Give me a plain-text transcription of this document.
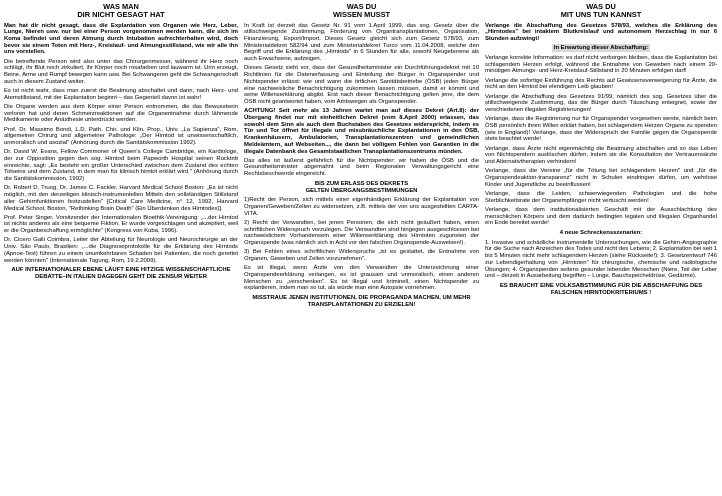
WAS MAN
DIR NICHT GESAGT HAT

Man hat dir nicht gesagt, dass die Explantation von Organen wie Herz, Leber, Lunge, Nieren usw. nur bei einer Person vorgenommen werden kann, die sich im Koma befindet und deren Atmung durch Intubation aufrechterhalten wird, doch bevor sie einem Toten mit Herz-, Kreislauf- und Atmungsstillstand, wie wir alle ihn uns vorstellen.

Die betreffende Person wird also unter das Chirurgenmesser, während ihr Herz noch schlägt, ihr Blut noch zirkuliert, ihr Körper noch rosafarben und lauwarm ist. Urin erzeugt, Beine, Arme und Rumpf bewegen kann usw. Bei Schwangeren geht die Schwangerschaft auch in diesem Zustand weiter.

Es ist nicht wahr, dass man zuerst die Beatmung abschaltet und dann, nach Herz- und Atemstillstand, mit der Explantation beginnt – das Gegenteil davon ist wahr!

Die Organe werden aus dem Körper einer Person entnommen, die das Bewusstsein verloren hat und deren Schmerzreaktionen auf die Organentnahme durch lähmende Medikamente oder Anästhesie unterdrückt werden.

Prof. Dr. Massimo Bondi, L.D. Path. Chir. und Klin. Prop., Univ. „La Sapienza", Rom, allgemeiner Chirurg und allgemeiner Pathologe: „Der Hirntod ist unwissenschaftlich, unmoralisch und asozial" (Anhörung durch die Sanitätskommission 1992).

Dr. David W. Evans, Fellow Commoner of Queen's College Cambridge, ein Kardiologe, der zur Opposition gegen den sog. Hirntod beim Papworth Hospital seinen Rücktritt einreichte, sagt: „Es besteht ein großer Unterschied zwischen dem Zustand des echten Totseins und dem Zustand, in dem man für klinisch hirntot erklärt wird." (Anhörung durch die Sanitätskommission, 1992)

Dr. Robert D. Truog, Dr. James C. Fackler, Harvard Medical School Boston: „Es ist nicht möglich, mit den derzeitigen klinisch-instrumentellen Mitteln den vollständigen Stillstand aller Gehirnfunktionen festzustellen" [Critical Care Medicine, n° 12, 1992, Harvard Medical School, Boston, "Rethinking Brain Death" (Ein Überdenken des Hirntodes)].

Prof. Peter Singer, Vorsitzender der Internationalen Bioethik-Vereinigung: „...der Hirntod ist nichts anderes als eine bequeme Fiktion. Er wurde vorgeschlagen und akzeptiert, weil er die Organbeschaffung ermöglichte" (Kongress von Kuba, 1996).

Dr. Cicero Galli Coimbra, Leiter der Abteilung für Neurologie und Neurochirurgie an der Univ. São Paulo, Brasilien: „...die Diagnoseprotokolle für die Erklärung des Hirntods (Apnoe-Test) führen zu einem unumkehrbaren Schaden bei Patienten, die noch gerettet werden könnten" (Internationale Tagung, Rom, 19.2.2009).

AUF INTERNATIONALER EBENE LÄUFT EINE HITZIGE WISSENSCHAFTLICHE DEBATTE–IN ITALIEN DAGEGEN GEHT DIE ZENSUR WEITER
WAS DU
WISSEN MUSST

In Kraft ist derzeit das Gesetz Nr. 91 vom 1.April 1999, das sog. Gesetz über die stillschweigende Zustimmung, Förderung von Organtransplantationen, Organisation, Finanzierung, Export/Import. Dieses Gesetz gleicht sich zum Gesetz 578/93, zum Ministerialdekret 582/94 und zum Ministerialdekret Turco vom 11.04.2008, welche den Begriff und die Erklärung des „Hirntods" in 6 Stunden für alle, sowohl Neugeborene als auch Erwachsene, aufzeigen.

Dieses Gesetz sieht vor, dass der Gesundheitsminister ein Durchführungsdekret mit 10 Richtlinien für die Datenerfassung und Einteilung der Bürger in Organspender und Nichtspender erlässt: wie und wann die örtlichen Sanitätsbetriebe (ÖSB) jeden Bürger eine nachweisliche Benachrichtigung zukommen lassen müssen, damit er kommt und seine Willenserklärung abgibt. Erst nach dieser Benachrichtigung gelten jene, die dem ÖSB nicht geantwortet haben, vom Amtswegen als Organspender.

ACHTUNG! Seit mehr als 13 Jahren wartet man auf dieses Dekret (Art.8): der Übergang findet nur mit einheitlichen Dekret (vom 8.April 2000) erlassen, das sowohl dem Sinn als auch dem Buchstaben des Gesetzes widerspricht, indem es Tür und Tor öffnet für illegale und missbräuchliche Explantationen in den ÖSB, Krankenhäusern, Ambulatorien, Transplantationszentren und gemeindlichen Meldeämtern, auf Webseiten..., die dann bei völligem Fehlen von Garantien in die illegale Datenbank des Gesamtstaatlichen Transplantationszentrums münden.

Das alles ist äußerst gefährlich für die Nichtspender: wir haben die ÖSB und die Gesundheitsminister abgemahnt und beim Regionalen Verwaltungsgericht eine Rechtsbeschwerde eingereicht.

BIS ZUM ERLASS DES DEKRETS
GELTEN ÜBERGANGSBESTIMMUNGEN
1)Recht der Person, sich mittels einer eigenhändigen Erklärung der Explantation von Organen/Geweben/Zellen zu widersetzen, z.B. mittels der von uns ausgestellten CARTA-VITA.
2) Recht der Verwandten, bei jenen Personen, die sich nicht geäußert haben, einen schriftlichen Widerspruch vorzulegen. Die Verwandten sind hingegen ausgeschlossen bei nachweislichem Vorhandensein einer Willenserklärung des Hirntoten zugunsten der Organspende (was nämlich sich in Acht vor den falschen Organspende-Ausweisen!).
3) Bei Fehlen eines schriftlichen Widerspruchs „ist es gestattet, die Entnahme von Organen, Geweben und Zellen vorzunehmen".

Es ist illegal, wenn Ärzte von den Verwandten die Unterzeichnung einer Organspendeerklärung verlangen, es ist grausam und unmoralisch, einen anderen Menschen zu „verschenken". Es ist illegal und kriminell, einen Nichtspender zu explantieren, indem man so tut, als würde man eine Autopsie vornehmen.

MISSTRAUE JENEN INSTITUTIONEN, DIE PROPAGANDA MACHEN, UM MEHR TRANSPLANTATIONEN ZU ERZIELEN!
WAS DU
MIT UNS TUN KANNST

Verlange die Abschaffung des Gesetzes 578/93, welches die Erklärung des „Hirntodes" bei intaktem Blutkreislauf und autonomem Herzschlag in nur 6 Stunden aufzwingt!

In Erwartung dieser Abschaffung:

Verlange korrekte Information: es darf nicht verborgen bleiben, dass die Explantation bei schlagendem Herzen erfolgt, während die Entnahme von Geweben nach einem 20-minütigen Atmungs- und Herz-Kreislauf-Stillstand in 20 Minuten erfolgen darf!

Verlange die sofortige Einführung des Rechts auf Gewissensverweigerung für Ärzte, die nicht an den Hirntod bei elendigem Leib glauben!

Verlange die Abschaffung des Gesetzes 91/99, nämlich des sog. Gesetzes über die stillschweigende Zustimmung, das die Bürger durch Täuschung enteignet, sowie der verschiedenen illegalen Registrierungen!

Verlange, dass die Registrierung nur für Organspender vorgesehen werde, nämlich beim ÖSB persönlich ihren Willen erklärt haben, bei schlagendem Herzen Organe zu spenden (wie in England)! Verlange, dass der Widerspruch der Familie gegen die Organspende stets beachtet werde!

Verlange, dass Ärzte nicht eigenmächtig die Beatmung abschalten und so das Leben von Nichtspendern auslöschen dürfen, indem sie die Konsultation der Vertrauensärzte und Alternativtherapien verhindern!

Verlange, dass die Vereine „für die Tötung bei schlagendem Herzen" und „für die Organspendeaktion-transparenz" nicht in Schulen eindringen dürfen, um wehrlose Kinder und Jugendliche zu beeinflussen!

Verlange, dass die Leiden, schwerwiegenden Pathologien und die hohe Sterblichkeitsrate der Organempfänger nicht vertuscht werden!

Verlange, dass dem institutionalisierten Geschäft mit der Ausschlachtung des menschlichen Körpers und dem dadurch bedingten legalen und illegalen Organhandel ein Ende bereitet werde!

4 neue Schreckensszenarien:

1. Invasive und schädliche instrumentelle Untersuchungen, wie die Gehirn-Angiographie für die Suche nach Anzeichen des Todes und nicht des Lebens; 2. Explantation bei seit 1 bis 5 Minuten nicht mehr schlagendem Herzen (siehe Rückseite!); 3. Gesetzentwurf 746 zur Lebendigerhaltung von „Hirntoten" für chirurgische, chemische und radiologische Übungen; 4. Organspenden seitens gesunder lebender Menschen (Niere, Teil der Leber und – derzeit in Ausarbeitung begriffen – Lunge, Bauchspeicheldrüse, Gedärme).

ES BRAUCHT EINE VOLKSABSTIMMUNG FÜR DIE ABSCHAFFUNG DES FALSCHEN HIRNTODKRITERIUMS !
